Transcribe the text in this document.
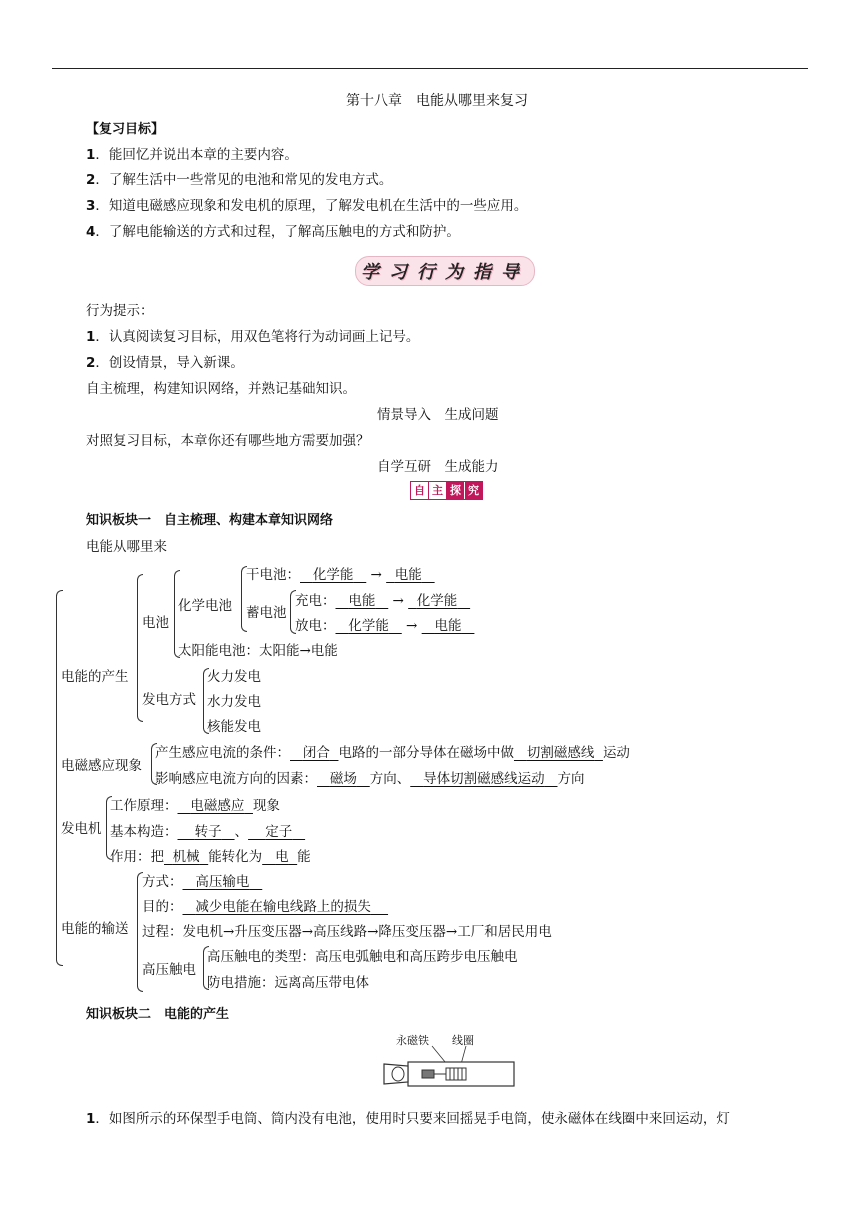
第十八章　电能从哪里来复习
【复习目标】
1．能回忆并说出本章的主要内容。
2．了解生活中一些常见的电池和常见的发电方式。
3．知道电磁感应现象和发电机的原理，了解发电机在生活中的一些应用。
4．了解电能输送的方式和过程，了解高压触电的方式和防护。
学习行为指导
行为提示：
1．认真阅读复习目标，用双色笔将行为动词画上记号。
2．创设情景，导入新课。
自主梳理，构建知识网络，并熟记基础知识。
情景导入　生成问题
对照复习目标，本章你还有哪些地方需要加强？
自学互研　生成能力
自 主 探 究
知识板块一　自主梳理、构建本章知识网络
电能从哪里来
电能的产生
电池
化学电池
干电池： 化学能    →   电能
蓄电池
充电： 电能    →   化学能
放电： 化学能    →    电能
太阳能电池：太阳能→电能
发电方式
火力发电
水力发电
核能发电
电磁感应现象
产生感应电流的条件： 闭合 电路的一部分导体在磁场中做 切割磁感线 运动
影响感应电流方向的因素： 磁场 方向、 导体切割磁感线运动 方向
发电机
工作原理： 电磁感应 现象
基本构造： 转子 、 定子
作用：把 机械 能转化为 电 能
电能的输送
方式： 高压输电
目的： 减少电能在输电线路上的损失
过程：发电机→升压变压器→高压线路→降压变压器→工厂和居民用电
高压触电
高压触电的类型：高压电弧触电和高压跨步电压触电
防电措施：远离高压带电体
知识板块二　电能的产生
永磁铁 线圈
1．如图所示的环保型手电筒、筒内没有电池，使用时只要来回摇晃手电筒，使永磁体在线圈中来回运动，灯
